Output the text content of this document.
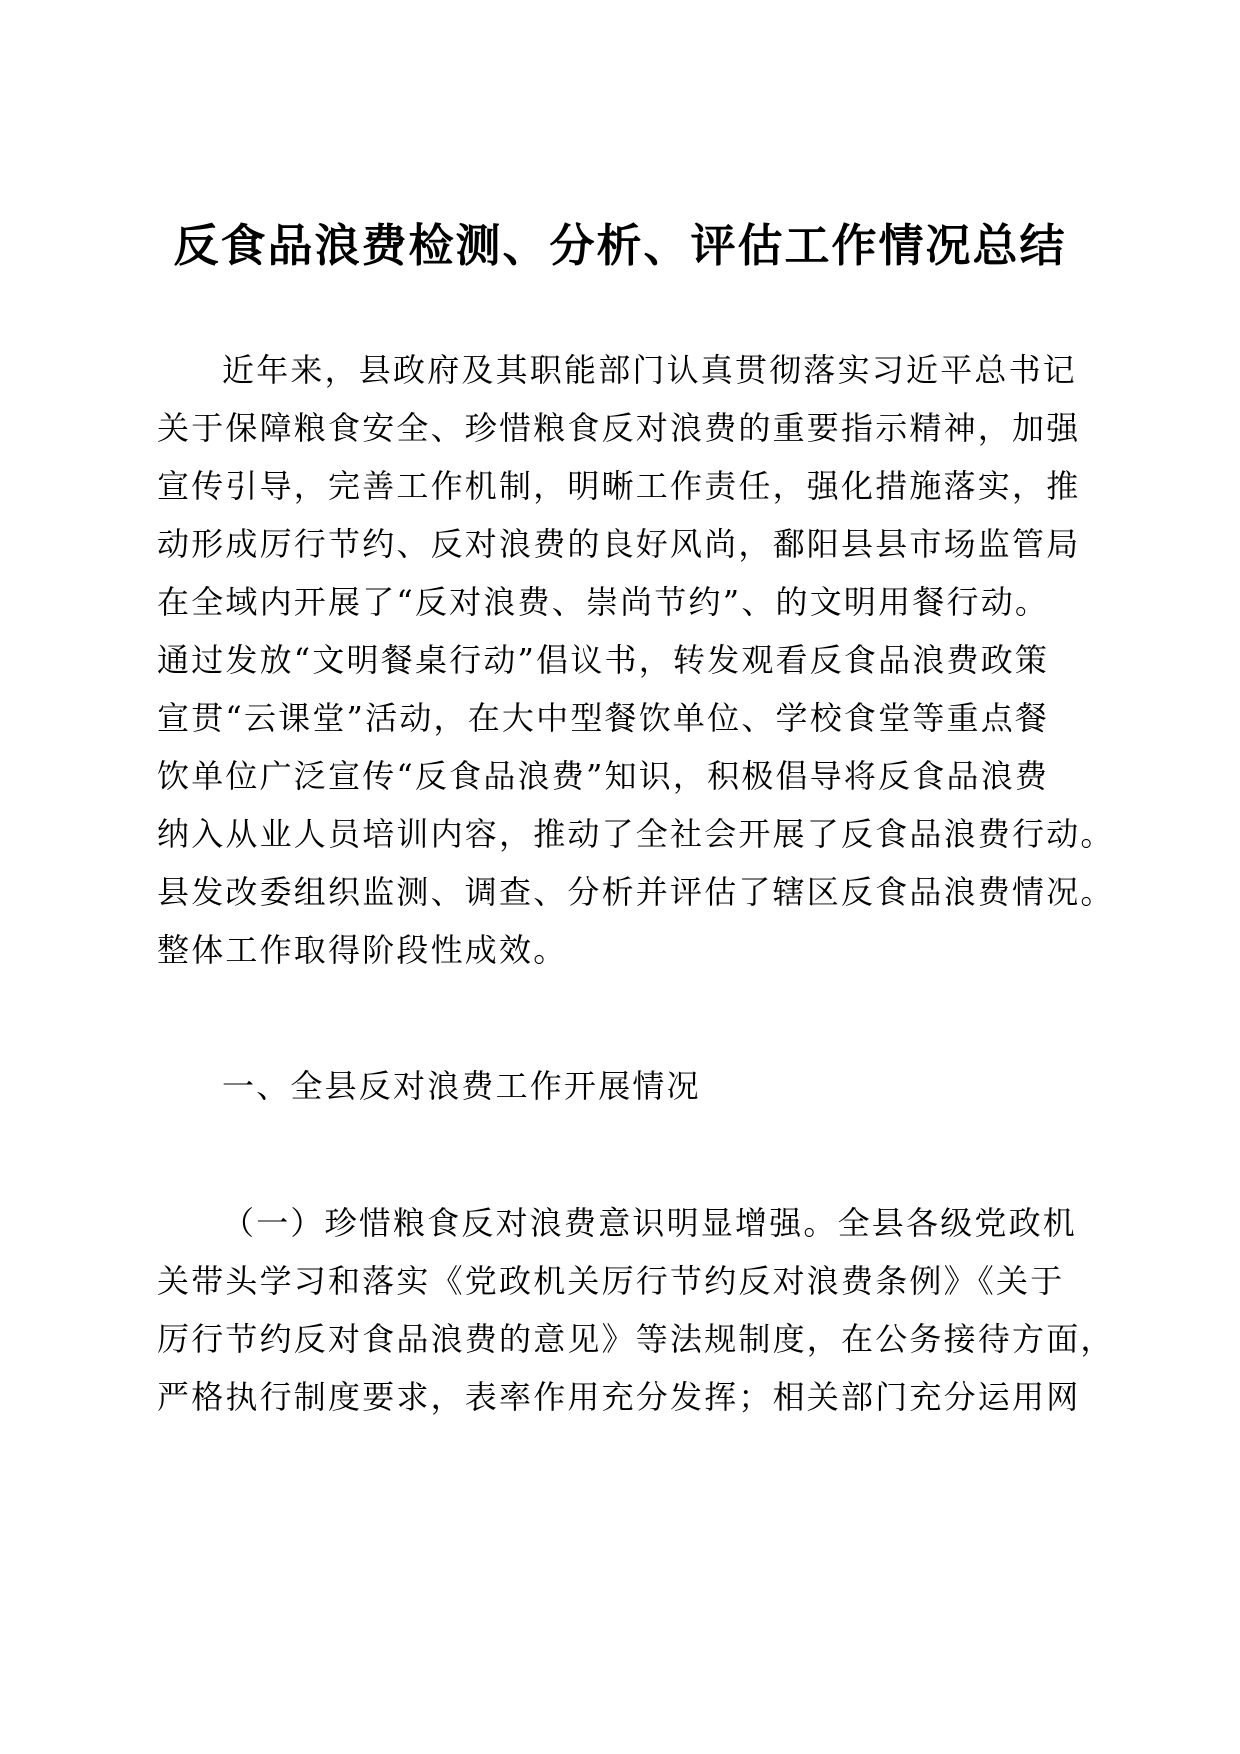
反食品浪费检测、分析、评估工作情况总结
近年来，县政府及其职能部门认真贯彻落实习近平总书记
关于保障粮食安全、珍惜粮食反对浪费的重要指示精神，加强
宣传引导，完善工作机制，明晰工作责任，强化措施落实，推
动形成厉行节约、反对浪费的良好风尚，鄱阳县县市场监管局
在全域内开展了“反对浪费、崇尚节约”、的文明用餐行动。
通过发放“文明餐桌行动”倡议书，转发观看反食品浪费政策
宣贯“云课堂”活动，在大中型餐饮单位、学校食堂等重点餐
饮单位广泛宣传“反食品浪费”知识，积极倡导将反食品浪费
纳入从业人员培训内容，推动了全社会开展了反食品浪费行动。
县发改委组织监测、调查、分析并评估了辖区反食品浪费情况。
整体工作取得阶段性成效。
一、全县反对浪费工作开展情况
（一）珍惜粮食反对浪费意识明显增强。全县各级党政机
关带头学习和落实《党政机关厉行节约反对浪费条例》《关于
厉行节约反对食品浪费的意见》等法规制度，在公务接待方面，
严格执行制度要求，表率作用充分发挥；相关部门充分运用网
